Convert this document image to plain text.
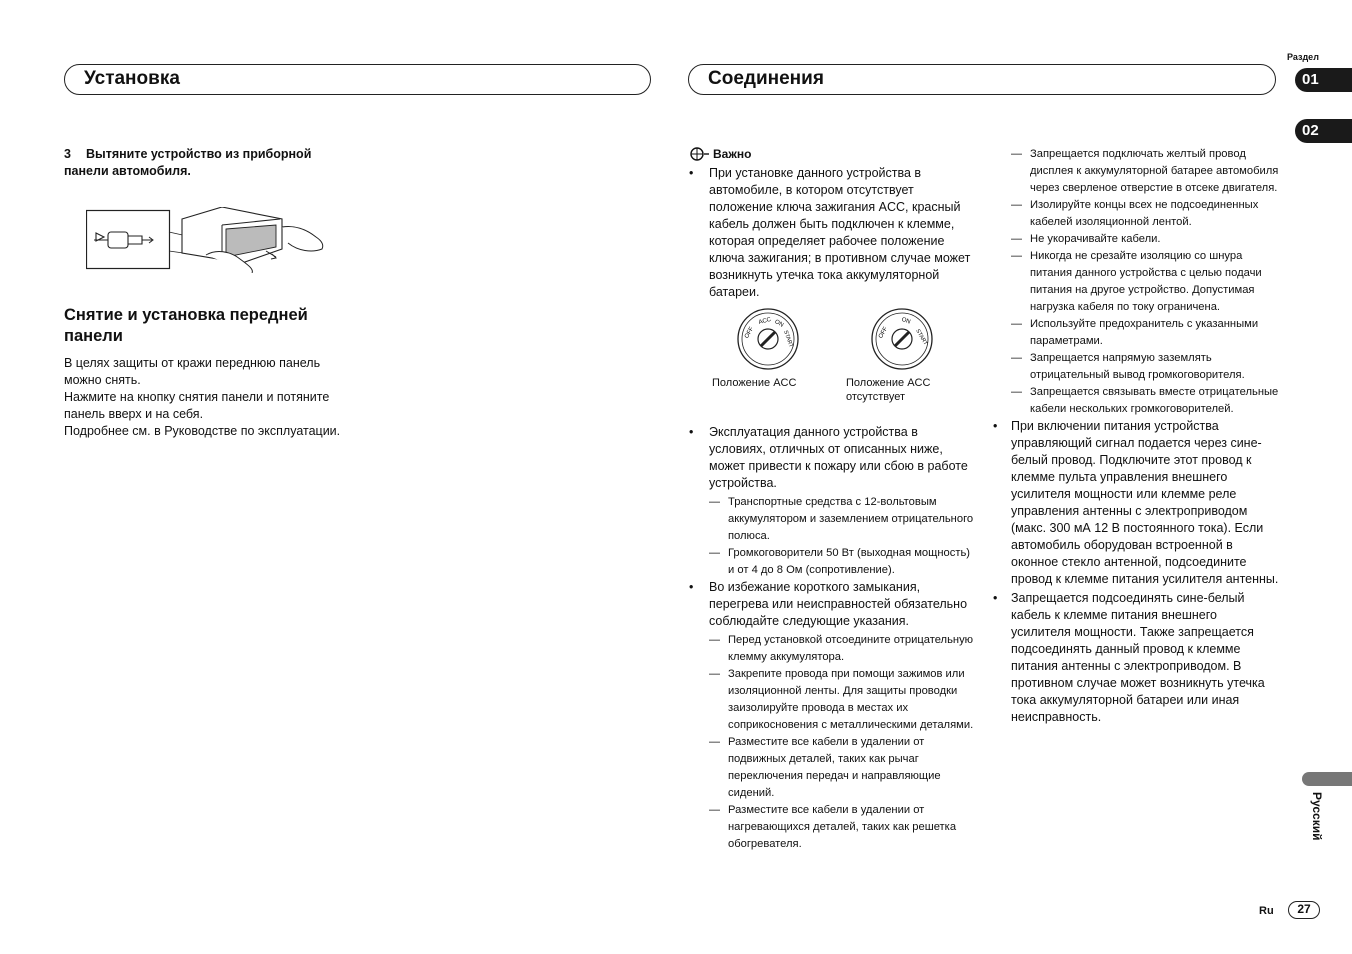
Установка	Соединения
Раздел
01
02
Русский
Ru	27
3 Вытяните устройство из приборной панели автомобиля.
Снятие и установка передней панели
В целях защиты от кражи переднюю панель можно снять.
Нажмите на кнопку снятия панели и потяните панель вверх и на себя.
Подробнее см. в Руководстве по эксплуатации.
Важно
• При установке данного устройства в автомобиле, в котором отсутствует положение ключа зажигания ACC, красный кабель должен быть подключен к клемме, которая определяет рабочее положение ключа зажигания; в противном случае может возникнуть утечка тока аккумуляторной батареи.
OFF
ACC ON
START	OFF
ON
START
Положение ACC	Положение ACC отсутствует
• Эксплуатация данного устройства в условиях, отличных от описанных ниже, может привести к пожару или сбою в работе устройства.
— Транспортные средства с 12-вольтовым аккумулятором и заземлением отрицательного полюса.
— Громкоговорители 50 Вт (выходная мощность) и от 4 до 8 Ом (сопротивление).
• Во избежание короткого замыкания, перегрева или неисправностей обязательно соблюдайте следующие указания.
— Перед установкой отсоедините отрицательную клемму аккумулятора.
— Закрепите провода при помощи зажимов или изоляционной ленты. Для защиты проводки заизолируйте провода в местах их соприкосновения с металлическими деталями.
— Разместите все кабели в удалении от подвижных деталей, таких как рычаг переключения передач и направляющие сидений.
— Разместите все кабели в удалении от нагревающихся деталей, таких как решетка обогревателя.
— Запрещается подключать желтый провод дисплея к аккумуляторной батарее автомобиля через сверленое отверстие в отсеке двигателя.
— Изолируйте концы всех не подсоединенных кабелей изоляционной лентой.
— Не укорачивайте кабели.
— Никогда не срезайте изоляцию со шнура питания данного устройства с целью подачи питания на другое устройство. Допустимая нагрузка кабеля по току ограничена.
— Используйте предохранитель с указанными параметрами.
— Запрещается напрямую заземлять отрицательный вывод громкоговорителя.
— Запрещается связывать вместе отрицательные кабели нескольких громкоговорителей.
• При включении питания устройства управляющий сигнал подается через сине-белый провод. Подключите этот провод к клемме пульта управления внешнего усилителя мощности или клемме реле управления антенны с электроприводом (макс. 300 мА 12 В постоянного тока). Если автомобиль оборудован встроенной в оконное стекло антенной, подсоедините провод к клемме питания усилителя антенны.
• Запрещается подсоединять сине-белый кабель к клемме питания внешнего усилителя мощности. Также запрещается подсоединять данный провод к клемме питания антенны с электроприводом. В противном случае может возникнуть утечка тока аккумуляторной батареи или иная неисправность.
